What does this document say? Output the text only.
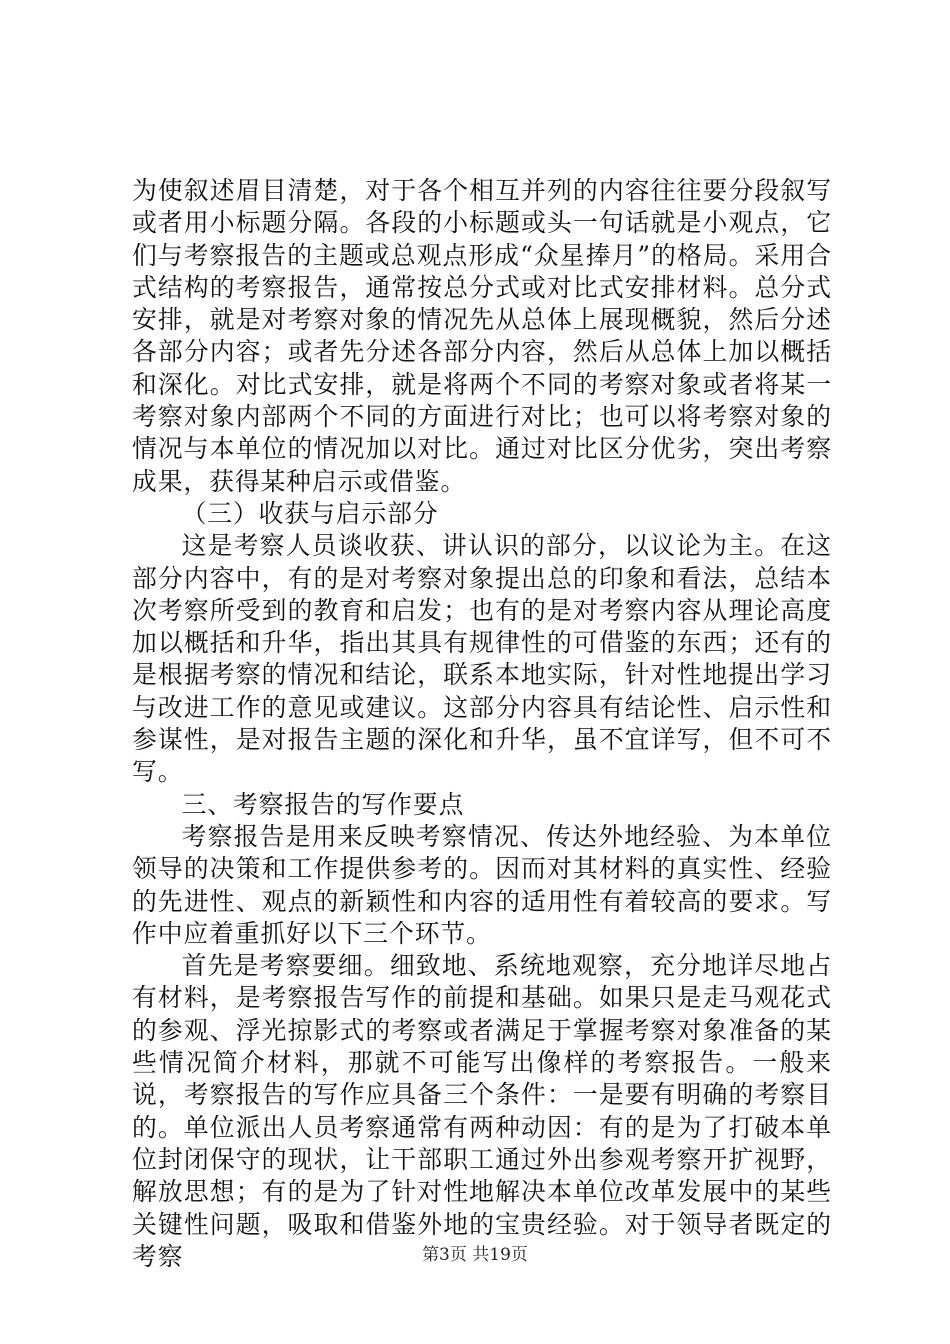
为使叙述眉目清楚，对于各个相互并列的内容往往要分段叙写或者用小标题分隔。各段的小标题或头一句话就是小观点，它们与考察报告的主题或总观点形成“众星捧月”的格局。采用合式结构的考察报告，通常按总分式或对比式安排材料。总分式安排，就是对考察对象的情况先从总体上展现概貌，然后分述各部分内容；或者先分述各部分内容，然后从总体上加以概括和深化。对比式安排，就是将两个不同的考察对象或者将某一考察对象内部两个不同的方面进行对比；也可以将考察对象的情况与本单位的情况加以对比。通过对比区分优劣，突出考察成果，获得某种启示或借鉴。

（三）收获与启示部分

这是考察人员谈收获、讲认识的部分，以议论为主。在这部分内容中，有的是对考察对象提出总的印象和看法，总结本次考察所受到的教育和启发；也有的是对考察内容从理论高度加以概括和升华，指出其具有规律性的可借鉴的东西；还有的是根据考察的情况和结论，联系本地实际，针对性地提出学习与改进工作的意见或建议。这部分内容具有结论性、启示性和参谋性，是对报告主题的深化和升华，虽不宜详写，但不可不写。

三、考察报告的写作要点

考察报告是用来反映考察情况、传达外地经验、为本单位领导的决策和工作提供参考的。因而对其材料的真实性、经验的先进性、观点的新颖性和内容的适用性有着较高的要求。写作中应着重抓好以下三个环节。

首先是考察要细。细致地、系统地观察，充分地详尽地占有材料，是考察报告写作的前提和基础。如果只是走马观花式的参观、浮光掠影式的考察或者满足于掌握考察对象准备的某些情况简介材料，那就不可能写出像样的考察报告。一般来说，考察报告的写作应具备三个条件：一是要有明确的考察目的。单位派出人员考察通常有两种动因：有的是为了打破本单位封闭保守的现状，让干部职工通过外出参观考察开扩视野，解放思想；有的是为了针对性地解决本单位改革发展中的某些关键性问题，吸取和借鉴外地的宝贵经验。对于领导者既定的考察	第3页 共19页
